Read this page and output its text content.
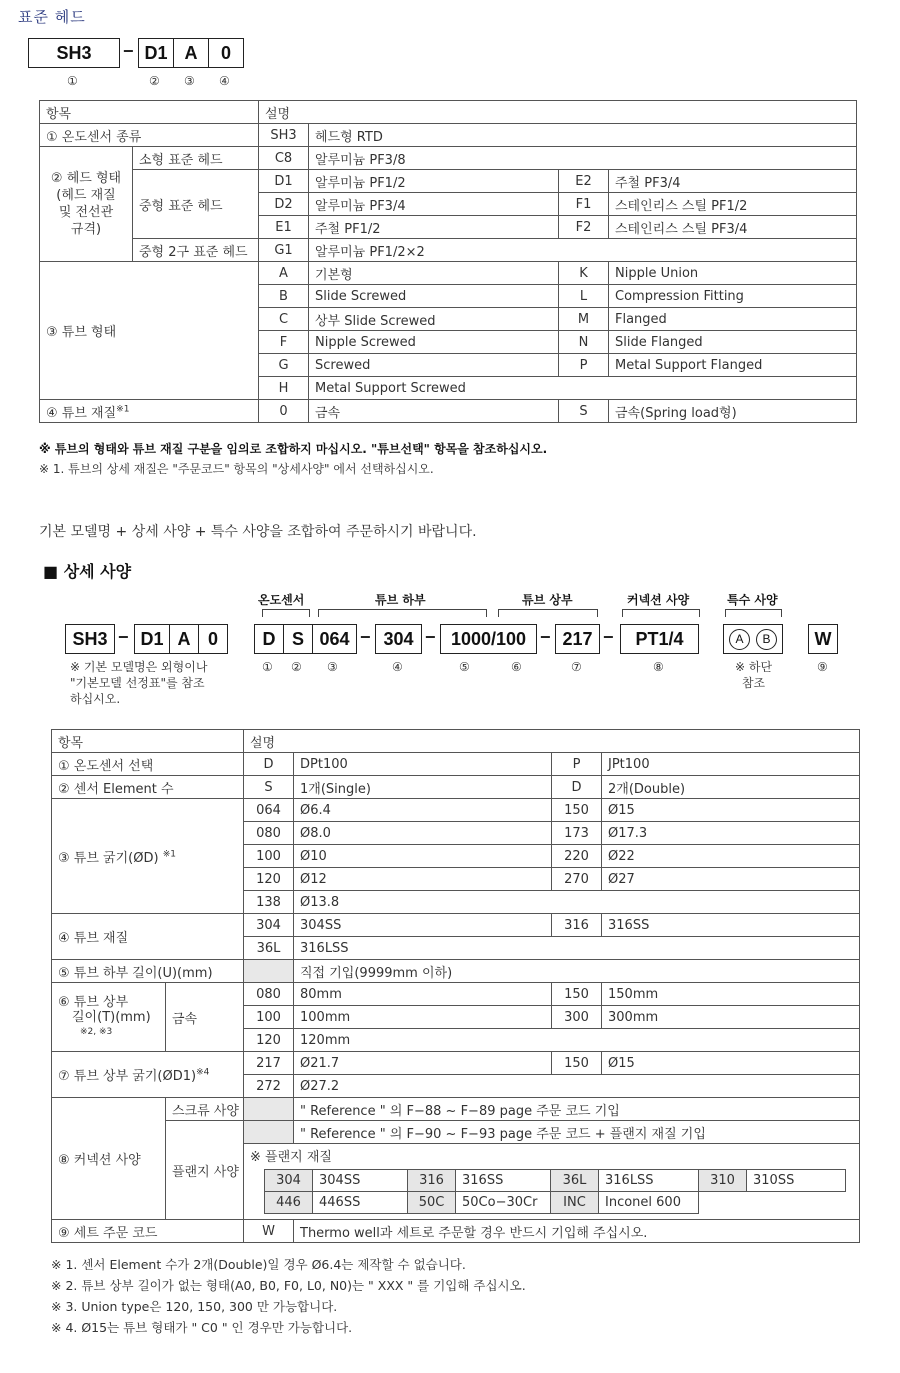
표준 헤드
SH3	− D1 A	0
①	② ③ ④
항목		설명			
① 온도센서 종류		SH3	헤드형 RTD		
② 헤드 형태
(헤드 재질
및 전선관
규격)	소형 표준 헤드	C8	알루미늄 PF3/8		
	중형 표준 헤드	D1	알루미늄 PF1/2	E2	주철 PF3/4
		D2	알루미늄 PF3/4	F1	스테인리스 스틸 PF1/2
		E1	주철 PF1/2	F2	스테인리스 스틸 PF3/4
	중형 2구 표준 헤드	G1	알루미늄 PF1/2×2		
③ 튜브 형태		A	기본형	K	Nipple Union
		B	Slide Screwed	L	Compression Fitting
		C	상부 Slide Screwed	M	Flanged
		F	Nipple Screwed	N	Slide Flanged
		G	Screwed	P	Metal Support Flanged
		H	Metal Support Screwed		
④ 튜브 재질$^{※1}$		0	금속	S	금속(Spring load형)
※ 튜브의 형태와 튜브 재질 구분을 임의로 조합하지 마십시오. "튜브선택" 항목을 참조하십시오.
※ 1. 튜브의 상세 재질은 "주문코드" 항목의 "상세사양" 에서 선택하십시오.
기본 모델명 + 상세 사양 + 특수 사양을 조합하여 주문하시기 바랍니다.
■ 상세 사양
온도센서	튜브 하부	튜브 상부	커넥션 사양	특수 사양
SH3 − D1 A 0	D S 064 − 304 − 1000/100 − 217 −	PT1/4	A	B	W
※ 기본 모델명은 외형이나
"기본모델 선정표"를 참조
하십시오.
※ 하단
참조
① ② ③	④	⑤	⑥	⑦	⑧	⑨
항목	설명
① 온도센서 선택	D	DPt100	P	JPt100
② 센서 Element 수	S	1개(Single)	D	2개(Double)
③ 튜브 굵기(ØD) $^{※1}$	064	Ø6.4	150	Ø15
080	Ø8.0	173	Ø17.3
100	Ø10	220	Ø22
120	Ø12	270	Ø27
138	Ø13.8
④ 튜브 재질	304	304SS	316	316SS
36L	316LSS
⑤ 튜브 하부 길이(U)(mm)		직접 기입(9999mm 이하)

⑥ 튜브 상부
길이(T)(mm)
※2, ※3
	금속	080	80mm	150	150mm
100	100mm	300	300mm
120	120mm
⑦ 튜브 상부 굵기(ØD1)$^{※4}$	217	Ø21.7	150	Ø15
272	Ø27.2
⑧ 커넥션 사양	스크류 사양		" Reference " 의 F−88 ~ F−89 page 주문 코드 기입
플랜지 사양		" Reference " 의 F−90 ~ F−93 page 주문 코드 + 플랜지 재질 기입

※ 플랜지 재질
304	304SS	316	316SS	36L	316LSS	310	310SS
446	446SS	50C	50Co−30Cr	INC	Inconel 600	

⑨ 세트 주문 코드	W	Thermo well과 세트로 주문할 경우 반드시 기입해 주십시오.
※ 1. 센서 Element 수가 2개(Double)일 경우 Ø6.4는 제작할 수 없습니다.
※ 2. 튜브 상부 길이가 없는 형태(A0, B0, F0, L0, N0)는 " XXX " 를 기입해 주십시오.
※ 3. Union type은 120, 150, 300 만 가능합니다.
※ 4. Ø15는 튜브 형태가 " C0 " 인 경우만 가능합니다.
